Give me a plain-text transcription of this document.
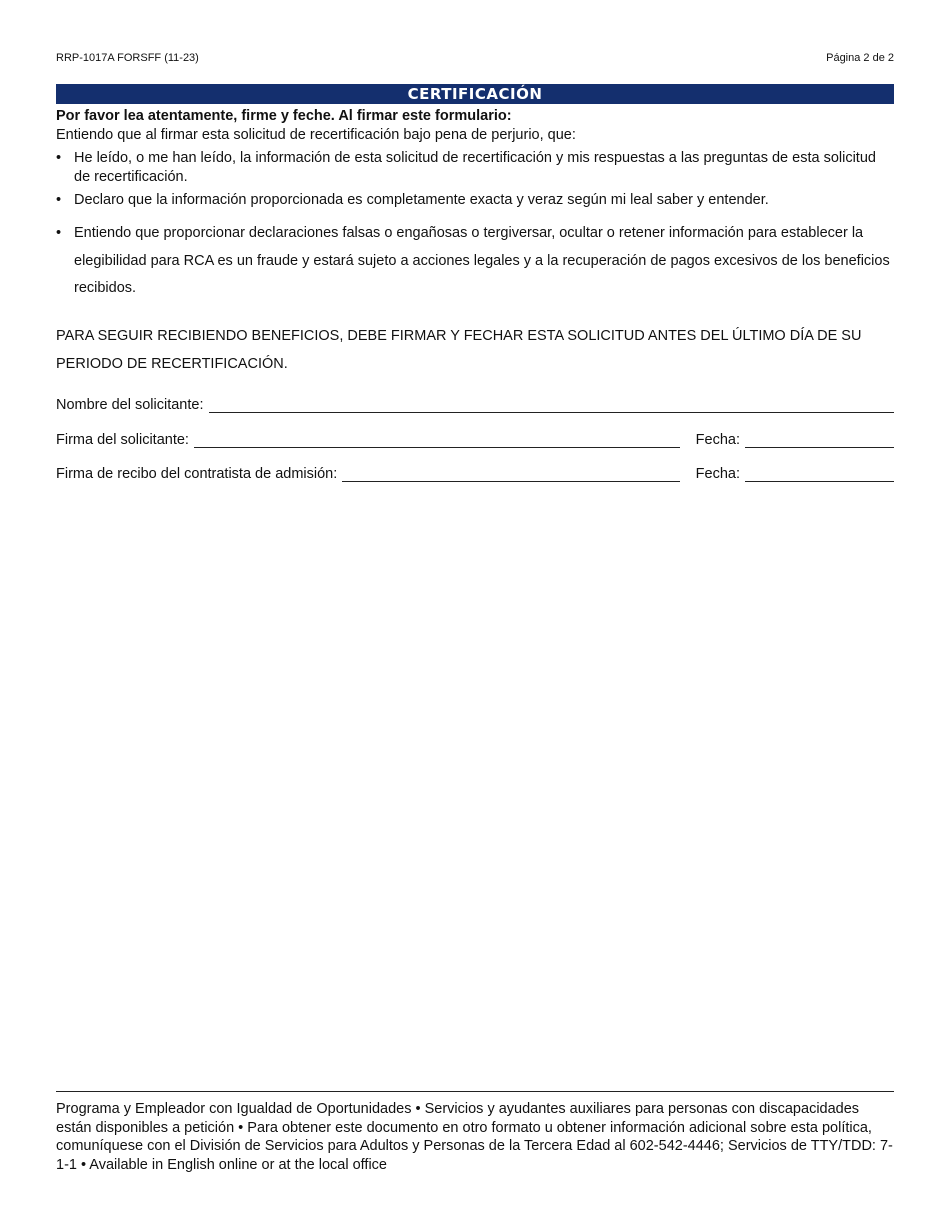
RRP-1017A FORSFF (11-23)	Página 2 de 2
CERTIFICACIÓN
Por favor lea atentamente, firme y feche. Al firmar este formulario:
Entiendo que al firmar esta solicitud de recertificación bajo pena de perjurio, que:
• He leído, o me han leído, la información de esta solicitud de recertificación y mis respuestas a las preguntas de esta solicitud de recertificación.
• Declaro que la información proporcionada es completamente exacta y veraz según mi leal saber y entender.
• Entiendo que proporcionar declaraciones falsas o engañosas o tergiversar, ocultar o retener información para establecer la elegibilidad para RCA es un fraude y estará sujeto a acciones legales y a la recuperación de pagos excesivos de los beneficios recibidos.
PARA SEGUIR RECIBIENDO BENEFICIOS, DEBE FIRMAR Y FECHAR ESTA SOLICITUD ANTES DEL ÚLTIMO DÍA DE SU PERIODO DE RECERTIFICACIÓN.
Nombre del solicitante:
Firma del solicitante:	Fecha:
Firma de recibo del contratista de admisión:	Fecha:
Programa y Empleador con Igualdad de Oportunidades • Servicios y ayudantes auxiliares para personas con discapacidades están disponibles a petición • Para obtener este documento en otro formato u obtener información adicional sobre esta política, comuníquese con el División de Servicios para Adultos y Personas de la Tercera Edad al 602-542-4446; Servicios de TTY/TDD: 7-1-1 • Available in English online or at the local office
